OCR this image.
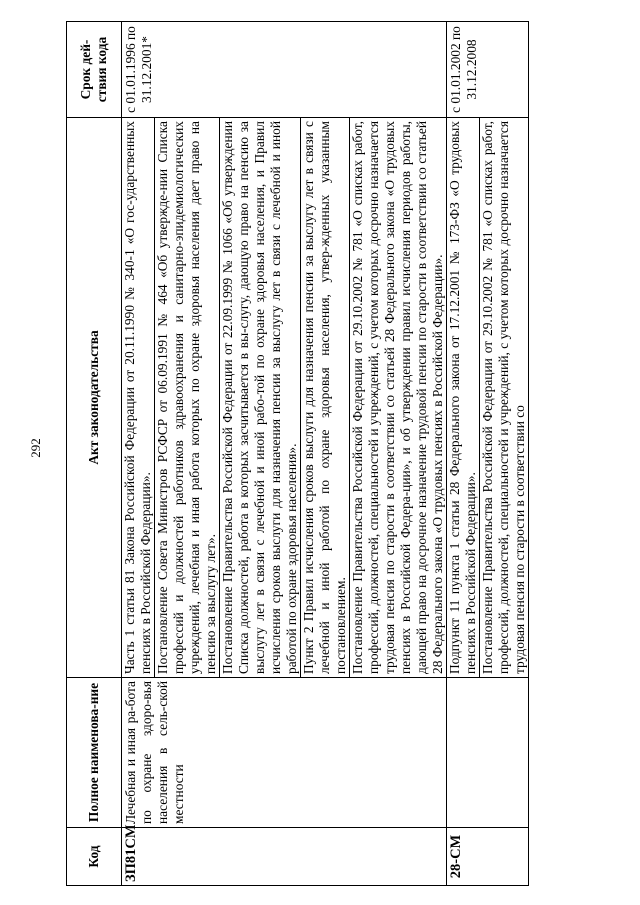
292
Код	Полное наименова-ние	Акт законодательства	Срок дей-ствия кода
ЗП81СМ	Лечебная и иная ра-бота по охране здоро-вья населения в сель-ской местности	Часть 1 статьи 81 Закона Российской Федерации от 20.11.1990 № 340-1 «О гос-ударственных пенсиях в Российской Федерации». Постановление Совета Министров РСФСР от 06.09.1991 № 464 «Об утвержде-нии Списка профессий и должностей работников здравоохранения и санитарно-эпидемиологических учреждений, лечебная и иная работа которых по охране здоровья населения дает право на пенсию за выслугу лет». Постановление Правительства Российской Федерации от 22.09.1999 № 1066 «Об утверждении Списка должностей, работа в которых засчитывается в вы-слугу, дающую право на пенсию за выслугу лет в связи с лечебной и иной рабо-той по охране здоровья населения, и Правил исчисления сроков выслуги для назначения пенсии за выслугу лет в связи с лечебной и иной работой по охране здоровья населения». Пункт 2 Правил исчисления сроков выслуги для назначения пенсии за выслугу лет в связи с лечебной и иной работой по охране здоровья населения, утвер-жденных указанным постановлением. Постановление Правительства Российской Федерации от 29.10.2002 № 781 «О списках работ, профессий, должностей, специальностей и учреждений, с учетом которых досрочно назначается трудовая пенсия по старости в соответствии со статьей 28 Федерального закона «О трудовых пенсиях в Российской Федера-ции», и об утверждении правил исчисления периодов работы, дающей право на досрочное назначение трудовой пенсии по старости в соответствии со статьей 28 Федерального закона «О трудовых пенсиях в Российской Федерации».	с 01.01.1996 по 31.12.2001*
28-СМ		Подпункт 11 пункта 1 статьи 28 Федерального закона от 17.12.2001 № 173-ФЗ «О трудовых пенсиях в Российской Федерации». Постановление Правительства Российской Федерации от 29.10.2002 № 781 «О списках работ, профессий, должностей, специальностей и учреждений, с учетом которых досрочно назначается трудовая пенсия по старости в соответствии со	с 01.01.2002 по 31.12.2008
